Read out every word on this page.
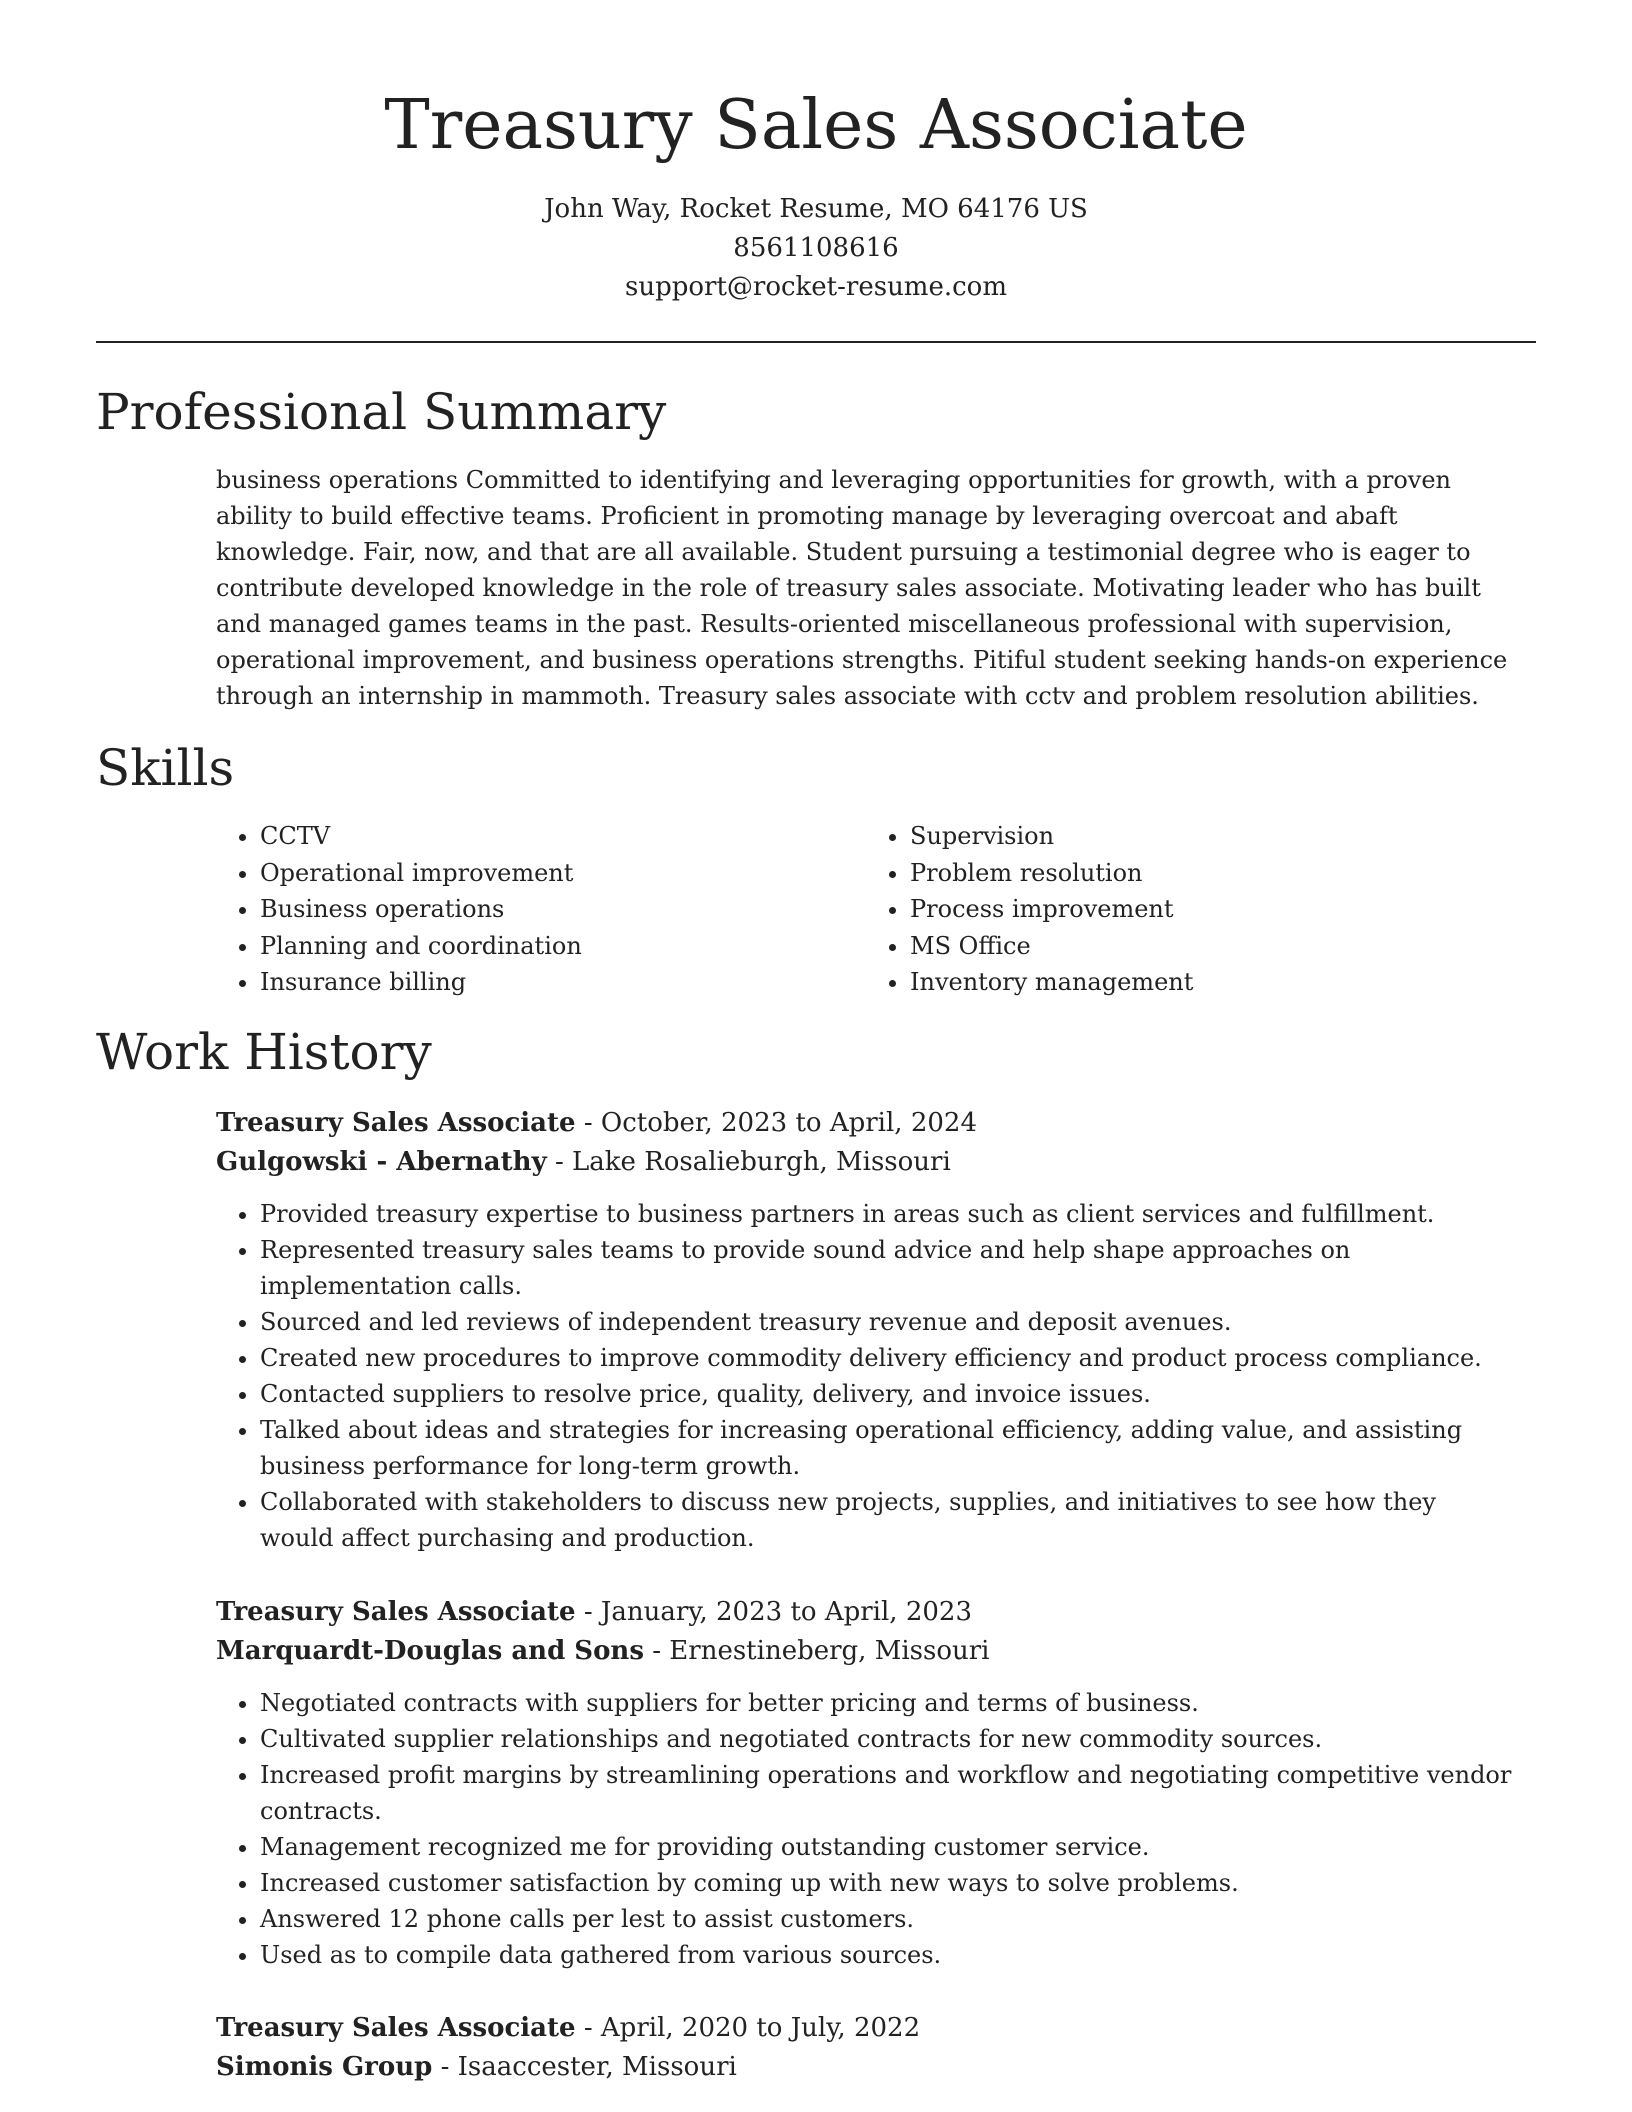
Treasury Sales Associate
John Way, Rocket Resume, MO 64176 US
8561108616
support@rocket-resume.com
Professional Summary

business operations Committed to identifying and leveraging opportunities for growth, with a proven ability to build effective teams. Proficient in promoting manage by leveraging overcoat and abaft knowledge. Fair, now, and that are all available. Student pursuing a testimonial degree who is eager to contribute developed knowledge in the role of treasury sales associate. Motivating leader who has built and managed games teams in the past. Results-oriented miscellaneous professional with supervision, operational improvement, and business operations strengths. Pitiful student seeking hands-on experience through an internship in mammoth. Treasury sales associate with cctv and problem resolution abilities.

Skills
• CCTV
• Operational improvement
• Business operations
• Planning and coordination
• Insurance billing
• Supervision
• Problem resolution
• Process improvement
• MS Office
• Inventory management
Work History
Treasury Sales Associate - October, 2023 to April, 2024
Gulgowski - Abernathy - Lake Rosalieburgh, Missouri
• Provided treasury expertise to business partners in areas such as client services and fulfillment.
• Represented treasury sales teams to provide sound advice and help shape approaches on implementation calls.
• Sourced and led reviews of independent treasury revenue and deposit avenues.
• Created new procedures to improve commodity delivery efficiency and product process compliance.
• Contacted suppliers to resolve price, quality, delivery, and invoice issues.
• Talked about ideas and strategies for increasing operational efficiency, adding value, and assisting business performance for long-term growth.
• Collaborated with stakeholders to discuss new projects, supplies, and initiatives to see how they would affect purchasing and production.
Treasury Sales Associate - January, 2023 to April, 2023
Marquardt-Douglas and Sons - Ernestineberg, Missouri
• Negotiated contracts with suppliers for better pricing and terms of business.
• Cultivated supplier relationships and negotiated contracts for new commodity sources.
• Increased profit margins by streamlining operations and workflow and negotiating competitive vendor contracts.
• Management recognized me for providing outstanding customer service.
• Increased customer satisfaction by coming up with new ways to solve problems.
• Answered 12 phone calls per lest to assist customers.
• Used as to compile data gathered from various sources.
Treasury Sales Associate - April, 2020 to July, 2022
Simonis Group - Isaaccester, Missouri
